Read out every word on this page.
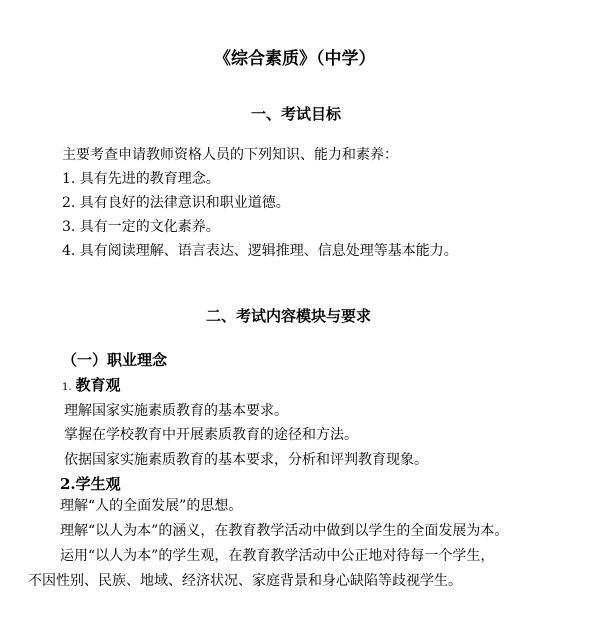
《综合素质》（中学）
一、考试目标
主要考查申请教师资格人员的下列知识、能力和素养：
1. 具有先进的教育理念。
2. 具有良好的法律意识和职业道德。
3. 具有一定的文化素养。
4. 具有阅读理解、语言表达、逻辑推理、信息处理等基本能力。
二、考试内容模块与要求
（一）职业理念
1. 教育观
理解国家实施素质教育的基本要求。
掌握在学校教育中开展素质教育的途径和方法。
依据国家实施素质教育的基本要求，分析和评判教育现象。
2.学生观
理解“人的全面发展”的思想。
理解“以人为本”的涵义，在教育教学活动中做到以学生的全面发展为本。
运用“以人为本”的学生观，在教育教学活动中公正地对待每一个学生，
不因性别、民族、地域、经济状况、家庭背景和身心缺陷等歧视学生。
